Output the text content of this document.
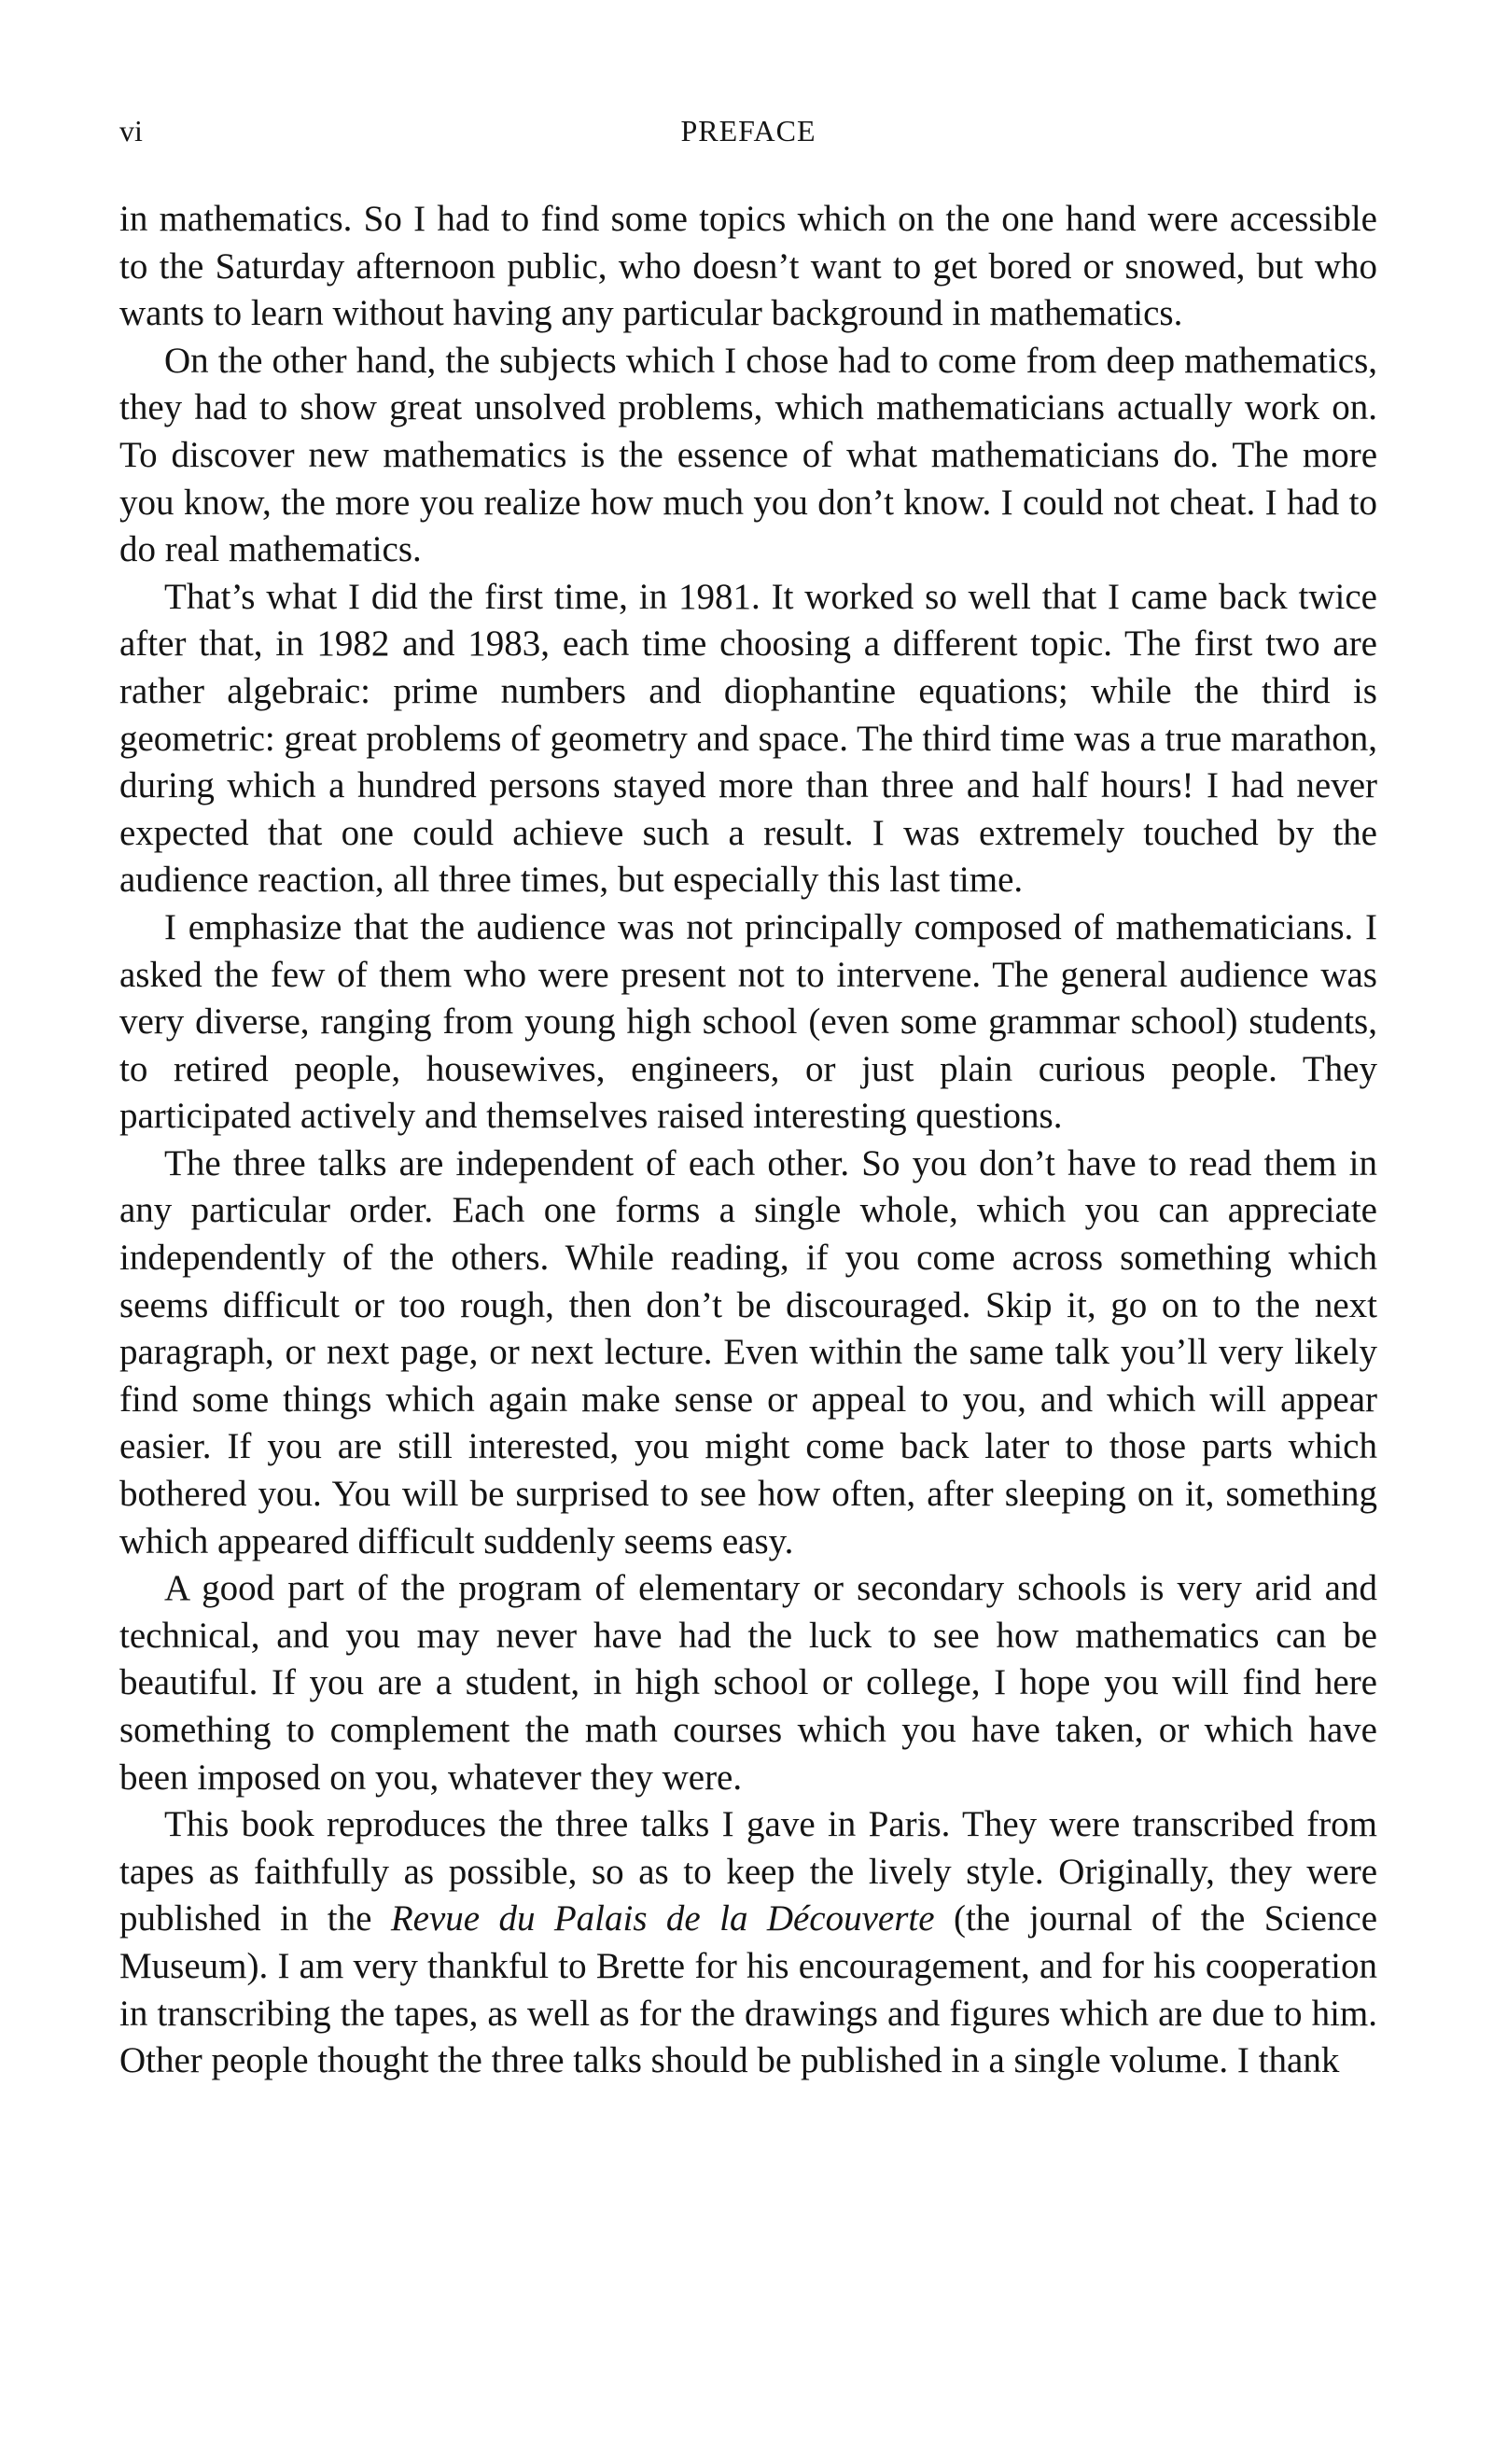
vi	PREFACE

in mathematics. So I had to find some topics which on the one hand were accessible to the Saturday afternoon public, who doesn’t want to get bored or snowed, but who wants to learn without having any particular background in mathematics.

On the other hand, the subjects which I chose had to come from deep mathematics, they had to show great unsolved problems, which mathematicians actually work on. To discover new mathematics is the essence of what mathematicians do. The more you know, the more you realize how much you don’t know. I could not cheat. I had to do real mathematics.

That’s what I did the first time, in 1981. It worked so well that I came back twice after that, in 1982 and 1983, each time choosing a different topic. The first two are rather algebraic: prime numbers and diophantine equations; while the third is geometric: great problems of geometry and space. The third time was a true marathon, during which a hundred persons stayed more than three and half hours! I had never expected that one could achieve such a result. I was extremely touched by the audience reaction, all three times, but especially this last time.

I emphasize that the audience was not principally composed of mathematicians. I asked the few of them who were present not to intervene. The general audience was very diverse, ranging from young high school (even some grammar school) students, to retired people, housewives, engineers, or just plain curious people. They participated actively and themselves raised interesting questions.

The three talks are independent of each other. So you don’t have to read them in any particular order. Each one forms a single whole, which you can appreciate independently of the others. While reading, if you come across something which seems difficult or too rough, then don’t be discouraged. Skip it, go on to the next paragraph, or next page, or next lecture. Even within the same talk you’ll very likely find some things which again make sense or appeal to you, and which will appear easier. If you are still interested, you might come back later to those parts which bothered you. You will be surprised to see how often, after sleeping on it, something which appeared difficult suddenly seems easy.

A good part of the program of elementary or secondary schools is very arid and technical, and you may never have had the luck to see how mathematics can be beautiful. If you are a student, in high school or college, I hope you will find here something to complement the math courses which you have taken, or which have been imposed on you, whatever they were.

This book reproduces the three talks I gave in Paris. They were transcribed from tapes as faithfully as possible, so as to keep the lively style. Originally, they were published in the Revue du Palais de la Découverte (the journal of the Science Museum). I am very thankful to Brette for his encouragement, and for his cooperation in transcribing the tapes, as well as for the drawings and figures which are due to him. Other people thought the three talks should be published in a single volume. I thank
